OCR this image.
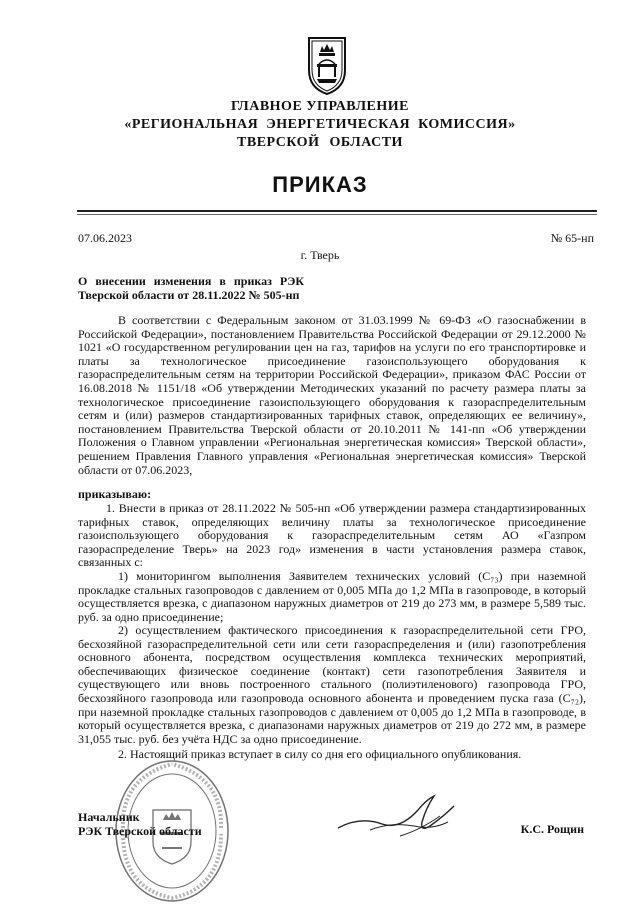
ГЛАВНОЕ УПРАВЛЕНИЕ
«РЕГИОНАЛЬНАЯ ЭНЕРГЕТИЧЕСКАЯ КОМИССИЯ»
ТВЕРСКОЙ ОБЛАСТИ
ПРИКАЗ
07.06.2023	№ 65-нп
г. Тверь
О внесении изменения в приказ РЭК
Тверской области от 28.11.2022 № 505-нп
В соответствии с Федеральным законом от 31.03.1999 № 69-ФЗ «О газоснабжении в Российской Федерации», постановлением Правительства Российской Федерации от 29.12.2000 № 1021 «О государственном регулировании цен на газ, тарифов на услуги по его транспортировке и платы за технологическое присоединение газоиспользующего оборудования к газораспределительным сетям на территории Российской Федерации», приказом ФАС России от 16.08.2018 № 1151/18 «Об утверждении Методических указаний по расчету размера платы за технологическое присоединение газоиспользующего оборудования к газораспределительным сетям и (или) размеров стандартизированных тарифных ставок, определяющих ее величину», постановлением Правительства Тверской области от 20.10.2011 № 141-пп «Об утверждении Положения о Главном управлении «Региональная энергетическая комиссия» Тверской области», решением Правления Главного управления «Региональная энергетическая комиссия» Тверской области от 07.06.2023,
приказываю:
1. Внести в приказ от 28.11.2022 № 505-нп «Об утверждении размера стандартизированных тарифных ставок, определяющих величину платы за технологическое присоединение газоиспользующего оборудования к газораспределительным сетям АО «Газпром газораспределение Тверь» на 2023 год» изменения в части установления размера ставок, связанных с:
1) мониторингом выполнения Заявителем технических условий (С₇₃) при наземной прокладке стальных газопроводов с давлением от 0,005 МПа до 1,2 МПа в газопроводе, в который осуществляется врезка, с диапазоном наружных диаметров от 219 до 273 мм, в размере 5,589 тыс. руб. за одно присоединение;
2) осуществлением фактического присоединения к газораспределительной сети ГРО, бесхозяйной газораспределительной сети или сети газораспределения и (или) газопотребления основного абонента, посредством осуществления комплекса технических мероприятий, обеспечивающих физическое соединение (контакт) сети газопотребления Заявителя и существующего или вновь построенного стального (полиэтиленового) газопровода ГРО, бесхозяйного газопровода или газопровода основного абонента и проведением пуска газа (С₇₂), при наземной прокладке стальных газопроводов с давлением от 0,005 до 1,2 МПа в газопроводе, в который осуществляется врезка, с диапазонами наружных диаметров от 219 до 272 мм, в размере 31,055 тыс. руб. без учёта НДС за одно присоединение.
2. Настоящий приказ вступает в силу со дня его официального опубликования.
Начальник
РЭК Тверской области	К.С. Рощин
